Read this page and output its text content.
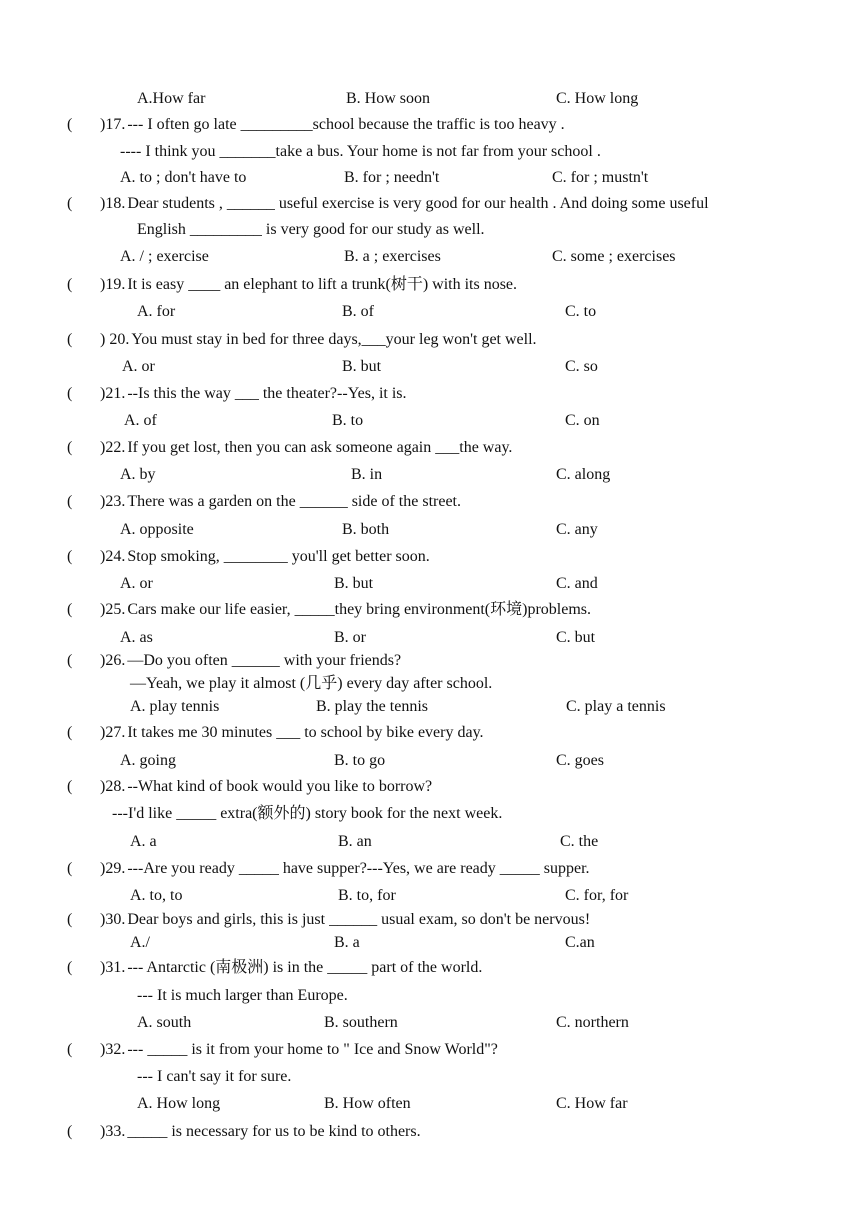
A.How far	B. How soon	C. How long
(	--- I often go late _________school because the traffic is too heavy .
)17.
---- I think you _______take a bus. Your home is not far from your school .
A. to ; don't have to	B. for ; needn't	C. for ; mustn't
(	Dear students , ______ useful exercise is very good for our health . And doing some useful
)18.
English _________ is very good for our study as well.
A. / ; exercise	B. a ; exercises	C. some ; exercises
(	It is easy ____ an elephant to lift a trunk(树干) with its nose.
)19.
A. for	B. of	C. to
(	You must stay in bed for three days,___your leg won't get well.
) 20.
A. or	B. but	C. so
(	--Is this the way ___ the theater?--Yes, it is.
)21.
A. of	B. to	C. on
(	If you get lost, then you can ask someone again ___the way.
)22.
A. by	B. in	C. along
(	There was a garden on the ______ side of the street.
)23.
A. opposite	B. both	C. any
(	Stop smoking, ________ you'll get better soon.
)24.
A. or	B. but	C. and
(	Cars make our life easier, _____they bring environment(环境)problems.
)25.
A. as	B. or	C. but
(	—Do you often ______ with your friends?
)26.
—Yeah, we play it almost (几乎) every day after school.
A. play tennis	B. play the tennis	C. play a tennis
(	It takes me 30 minutes ___ to school by bike every day.
)27.
A. going	B. to go	C. goes
(	--What kind of book would you like to borrow?
)28.
---I'd like _____ extra(额外的) story book for the next week.
A. a	B. an	C. the
(	---Are you ready _____ have supper?---Yes, we are ready _____ supper.
)29.
A. to, to	B. to, for	C. for, for
(	Dear boys and girls, this is just ______ usual exam, so don't be nervous!
)30.
A./	B. a	C.an
(	--- Antarctic (南极洲) is in the _____ part of the world.
)31.
--- It is much larger than Europe.
A. south	B. southern	C. northern
(	--- _____ is it from your home to " Ice and Snow World"?
)32.
--- I can't say it for sure.
A. How long	B. How often	C. How far
(	_____ is necessary for us to be kind to others.
)33.
